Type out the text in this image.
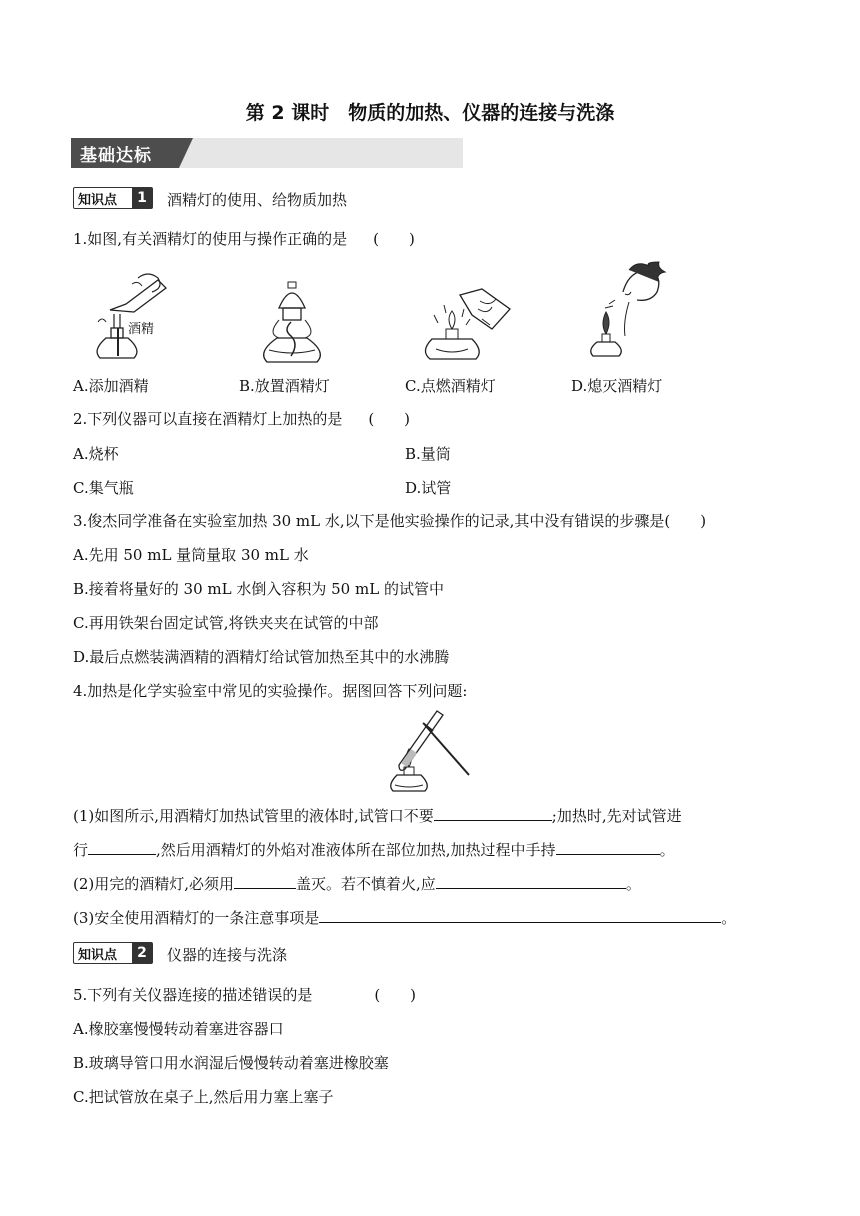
第 2 课时　物质的加热、仪器的连接与洗涤
基础达标
知识点	1	酒精灯的使用、给物质加热
1.如图,有关酒精灯的使用与操作正确的是 (　　)
酒精
A.添加酒精	B.放置酒精灯	C.点燃酒精灯	D.熄灭酒精灯
2.下列仪器可以直接在酒精灯上加热的是 (　　)
A.烧杯	B.量筒
C.集气瓶	D.试管
3.俊杰同学准备在实验室加热 30 mL 水,以下是他实验操作的记录,其中没有错误的步骤是(　　)
A.先用 50 mL 量筒量取 30 mL 水
B.接着将量好的 30 mL 水倒入容积为 50 mL 的试管中
C.再用铁架台固定试管,将铁夹夹在试管的中部
D.最后点燃装满酒精的酒精灯给试管加热至其中的水沸腾
4.加热是化学实验室中常见的实验操作。据图回答下列问题:
(1)如图所示,用酒精灯加热试管里的液体时,试管口不要	;加热时,先对试管进
行	,然后用酒精灯的外焰对准液体所在部位加热,加热过程中手持	。
(2)用完的酒精灯,必须用	盖灭。若不慎着火,应	。
(3)安全使用酒精灯的一条注意事项是	。
知识点	2	仪器的连接与洗涤
5.下列有关仪器连接的描述错误的是	(　　)
A.橡胶塞慢慢转动着塞进容器口
B.玻璃导管口用水润湿后慢慢转动着塞进橡胶塞
C.把试管放在桌子上,然后用力塞上塞子
